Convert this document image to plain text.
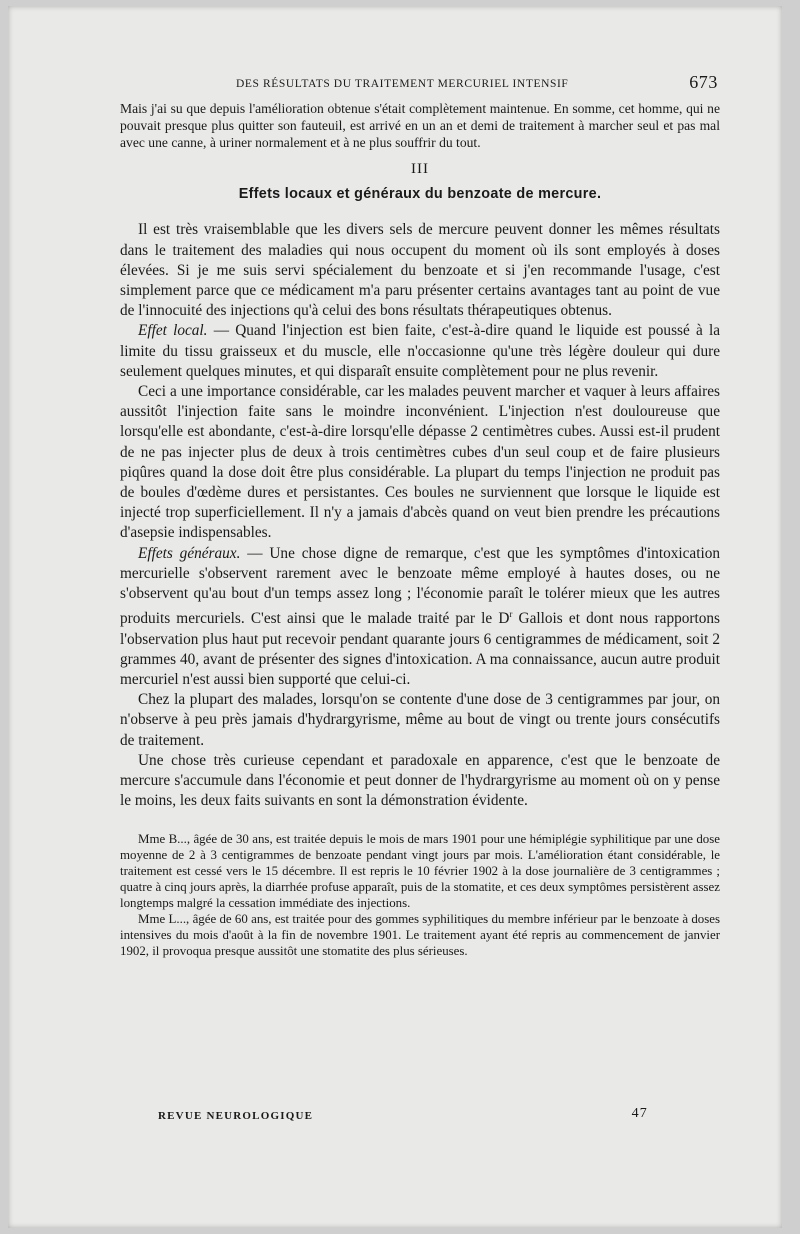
DES RÉSULTATS DU TRAITEMENT MERCURIEL INTENSIF	673

Mais j'ai su que depuis l'amélioration obtenue s'était complètement maintenue. En somme, cet homme, qui ne pouvait presque plus quitter son fauteuil, est arrivé en un an et demi de traitement à marcher seul et pas mal avec une canne, à uriner normalement et à ne plus souffrir du tout.

III
Effets locaux et généraux du benzoate de mercure.

Il est très vraisemblable que les divers sels de mercure peuvent donner les mêmes résultats dans le traitement des maladies qui nous occupent du moment où ils sont employés à doses élevées. Si je me suis servi spécialement du benzoate et si j'en recommande l'usage, c'est simplement parce que ce médicament m'a paru présenter certains avantages tant au point de vue de l'innocuité des injections qu'à celui des bons résultats thérapeutiques obtenus.

Effet local. — Quand l'injection est bien faite, c'est-à-dire quand le liquide est poussé à la limite du tissu graisseux et du muscle, elle n'occasionne qu'une très légère douleur qui dure seulement quelques minutes, et qui disparaît ensuite complètement pour ne plus revenir.

Ceci a une importance considérable, car les malades peuvent marcher et vaquer à leurs affaires aussitôt l'injection faite sans le moindre inconvénient. L'injection n'est douloureuse que lorsqu'elle est abondante, c'est-à-dire lorsqu'elle dépasse 2 centimètres cubes. Aussi est-il prudent de ne pas injecter plus de deux à trois centimètres cubes d'un seul coup et de faire plusieurs piqûres quand la dose doit être plus considérable. La plupart du temps l'injection ne produit pas de boules d'œdème dures et persistantes. Ces boules ne surviennent que lorsque le liquide est injecté trop superficiellement. Il n'y a jamais d'abcès quand on veut bien prendre les précautions d'asepsie indispensables.

Effets généraux. — Une chose digne de remarque, c'est que les symptômes d'intoxication mercurielle s'observent rarement avec le benzoate même employé à hautes doses, ou ne s'observent qu'au bout d'un temps assez long ; l'économie paraît le tolérer mieux que les autres produits mercuriels. C'est ainsi que le malade traité par le $D^r$ Gallois et dont nous rapportons l'observation plus haut put recevoir pendant quarante jours 6 centigrammes de médicament, soit 2 grammes 40, avant de présenter des signes d'intoxication. A ma connaissance, aucun autre produit mercuriel n'est aussi bien supporté que celui-ci.

Chez la plupart des malades, lorsqu'on se contente d'une dose de 3 centigrammes par jour, on n'observe à peu près jamais d'hydrargyrisme, même au bout de vingt ou trente jours consécutifs de traitement.

Une chose très curieuse cependant et paradoxale en apparence, c'est que le benzoate de mercure s'accumule dans l'économie et peut donner de l'hydrargyrisme au moment où on y pense le moins, les deux faits suivants en sont la démonstration évidente.

Mme B..., âgée de 30 ans, est traitée depuis le mois de mars 1901 pour une hémiplégie syphilitique par une dose moyenne de 2 à 3 centigrammes de benzoate pendant vingt jours par mois. L'amélioration étant considérable, le traitement est cessé vers le 15 décembre. Il est repris le 10 février 1902 à la dose journalière de 3 centigrammes ; quatre à cinq jours après, la diarrhée profuse apparaît, puis de la stomatite, et ces deux symptômes persistèrent assez longtemps malgré la cessation immédiate des injections.

Mme L..., âgée de 60 ans, est traitée pour des gommes syphilitiques du membre inférieur par le benzoate à doses intensives du mois d'août à la fin de novembre 1901. Le traitement ayant été repris au commencement de janvier 1902, il provoqua presque aussitôt une stomatite des plus sérieuses.

REVUE NEUROLOGIQUE	47
